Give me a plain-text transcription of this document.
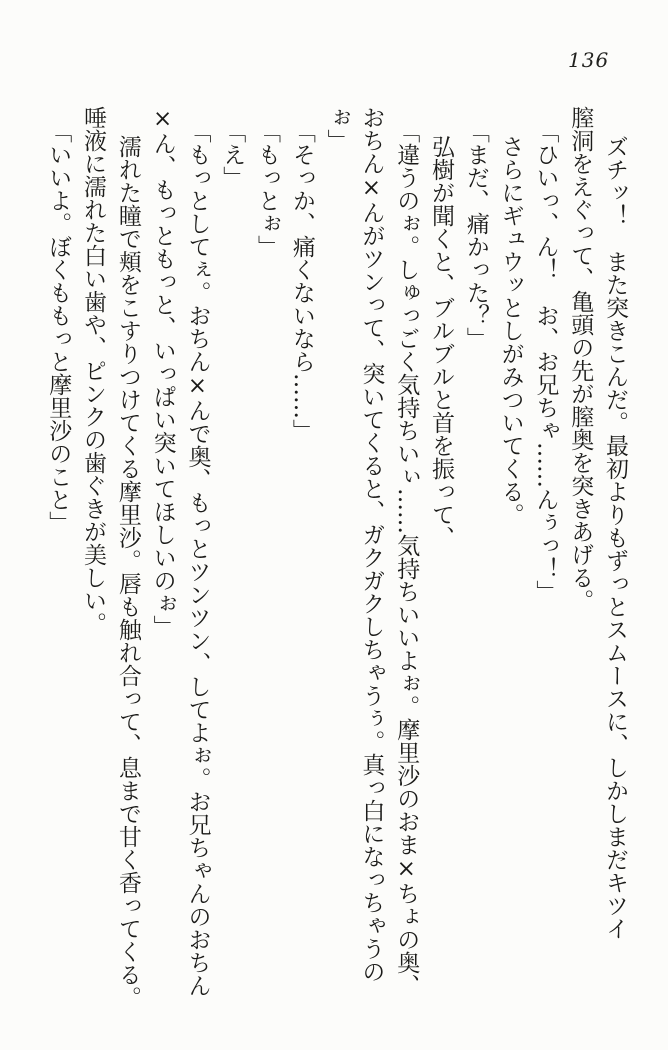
136
ズチッ！　また突きこんだ。最初よりもずっとスムースに、しかしまだキツイ
膣洞をえぐって、亀頭の先が膣奥を突きあげる。
「ひいっ、ん！　お、お兄ちゃ……んぅっ！」
さらにギュウッとしがみついてくる。
「まだ、痛かった？」
弘樹が聞くと、ブルブルと首を振って、
「違うのぉ。しゅっごく気持ちいぃ……気持ちいいよぉ。摩里沙のおま×ちょの奥、
おちん×んがツンって、突いてくると、ガクガクしちゃうぅ。真っ白になっちゃうの
ぉ」
「そっか、痛くないなら……」
「もっとぉ」
「え」
「もっとしてぇ。おちん×んで奥、もっとツンツン、してよぉ。お兄ちゃんのおちん
×ん、もっともっと、いっぱい突いてほしいのぉ」
濡れた瞳で頬をこすりつけてくる摩里沙。唇も触れ合って、息まで甘く香ってくる。
唾液に濡れた白い歯や、ピンクの歯ぐきが美しい。
「いいよ。ぼくももっと摩里沙のこと」
